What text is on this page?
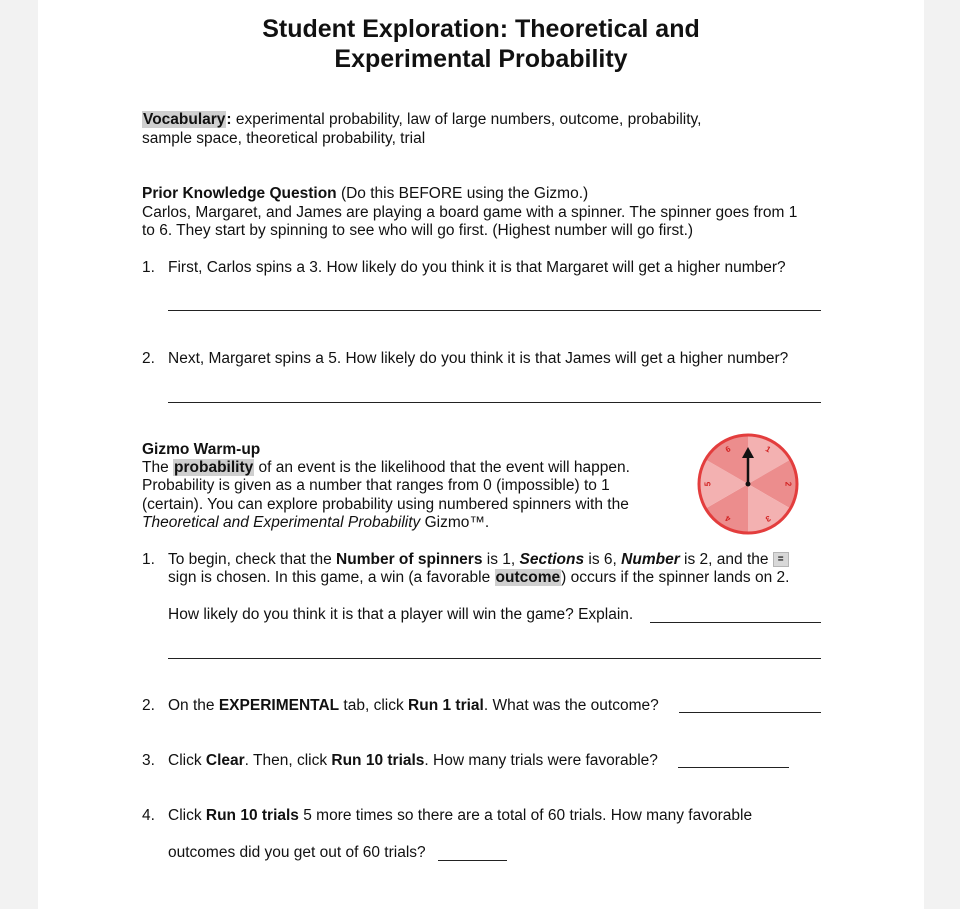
Student Exploration: Theoretical and
Experimental Probability
Vocabulary: experimental probability, law of large numbers, outcome, probability,
sample space, theoretical probability, trial
Prior Knowledge Question (Do this BEFORE using the Gizmo.)
Carlos, Margaret, and James are playing a board game with a spinner. The spinner goes from 1
to 6. They start by spinning to see who will go first. (Highest number will go first.)
1. First, Carlos spins a 3. How likely do you think it is that Margaret will get a higher number?
2. Next, Margaret spins a 5. How likely do you think it is that James will get a higher number?
Gizmo Warm-up
The probability of an event is the likelihood that the event will happen.
Probability is given as a number that ranges from 0 (impossible) to 1
(certain). You can explore probability using numbered spinners with the
Theoretical and Experimental Probability Gizmo™.
1
2
3
4
5
6
1. To begin, check that the Number of spinners is 1, Sections is 6, Number is 2, and the =
sign is chosen. In this game, a win (a favorable outcome) occurs if the spinner lands on 2.
How likely do you think it is that a player will win the game? Explain.
2. On the EXPERIMENTAL tab, click Run 1 trial. What was the outcome?
3. Click Clear. Then, click Run 10 trials. How many trials were favorable?
4. Click Run 10 trials 5 more times so there are a total of 60 trials. How many favorable
outcomes did you get out of 60 trials?
